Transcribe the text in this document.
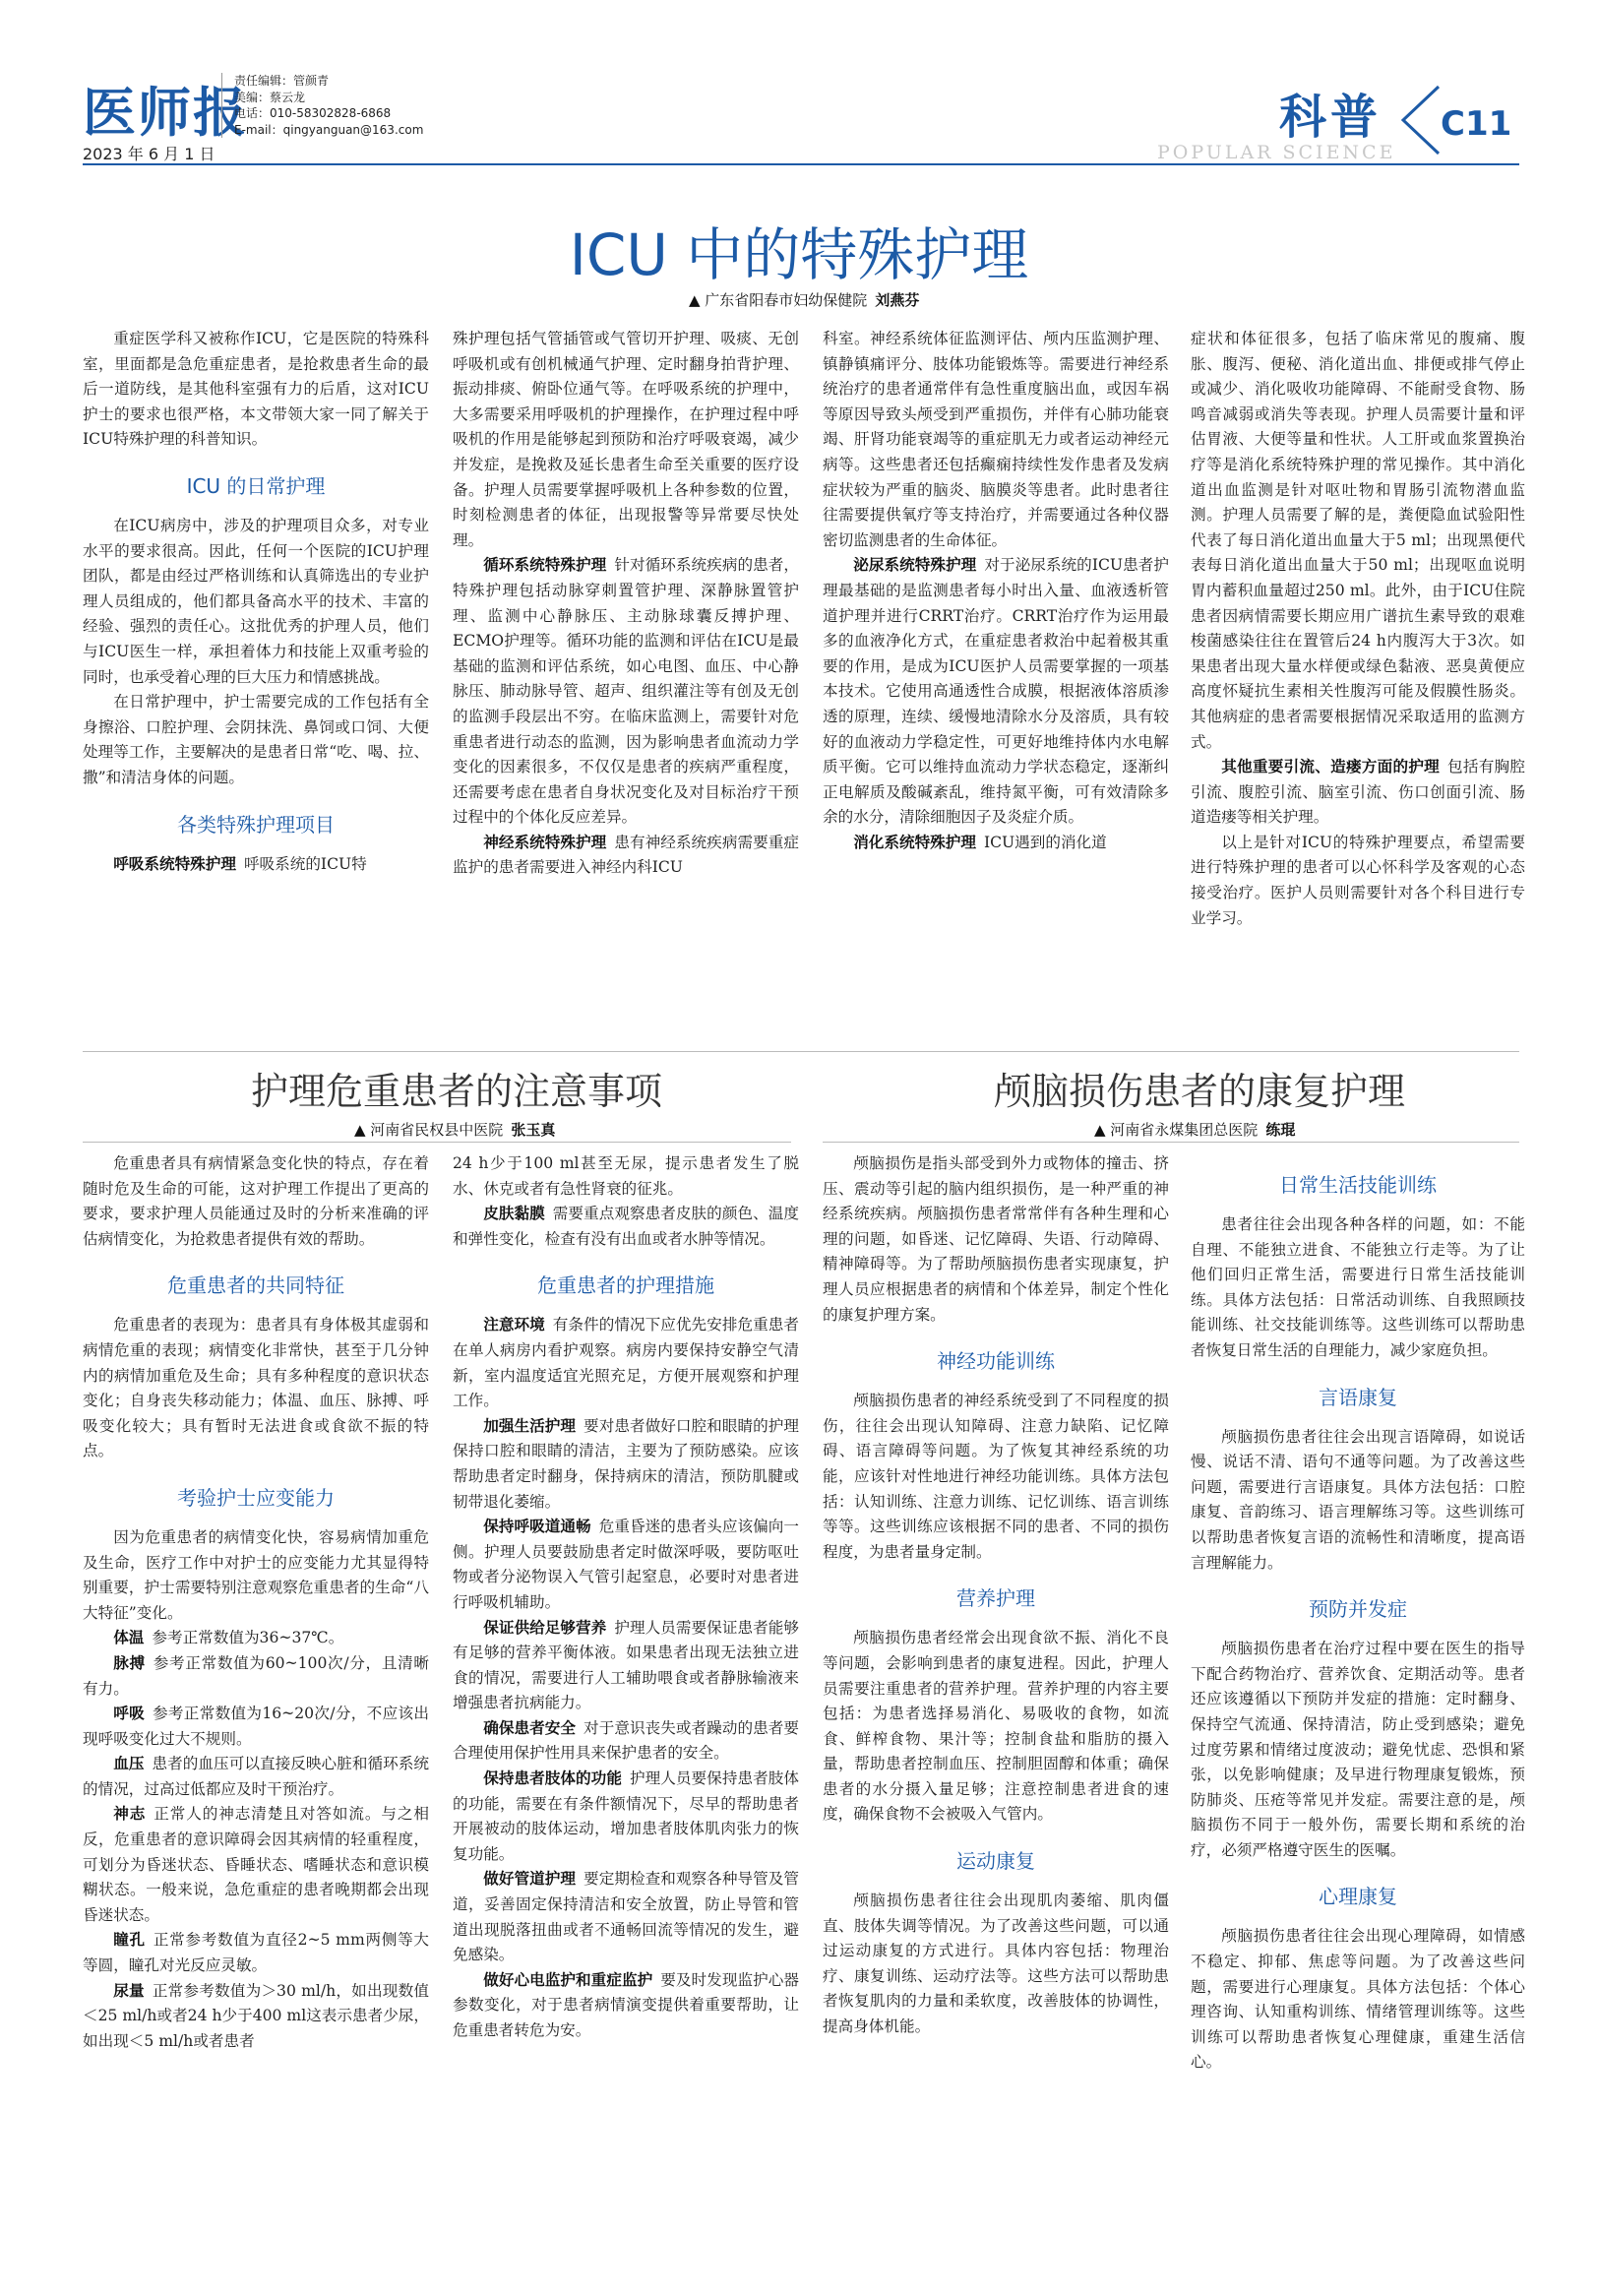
医师报
2023 年 6 月 1 日
责任编辑：管颜青
美编：蔡云龙
电话：010-58302828-6868
E-mail：qingyanguan@163.com	科普
POPULAR SCIENCE
C11
ICU 中的特殊护理
▲ 广东省阳春市妇幼保健院 刘燕芬

重症医学科又被称作ICU，它是医院的特殊科室，里面都是急危重症患者，是抢救患者生命的最后一道防线，是其他科室强有力的后盾，这对ICU护士的要求也很严格，本文带领大家一同了解关于ICU特殊护理的科普知识。

ICU 的日常护理

在ICU病房中，涉及的护理项目众多，对专业水平的要求很高。因此，任何一个医院的ICU护理团队，都是由经过严格训练和认真筛选出的专业护理人员组成的，他们都具备高水平的技术、丰富的经验、强烈的责任心。这批优秀的护理人员，他们与ICU医生一样，承担着体力和技能上双重考验的同时，也承受着心理的巨大压力和情感挑战。

在日常护理中，护士需要完成的工作包括有全身擦浴、口腔护理、会阴抹洗、鼻饲或口饲、大便处理等工作，主要解决的是患者日常“吃、喝、拉、撒”和清洁身体的问题。

各类特殊护理项目

呼吸系统特殊护理 呼吸系统的ICU特

殊护理包括气管插管或气管切开护理、吸痰、无创呼吸机或有创机械通气护理、定时翻身拍背护理、振动排痰、俯卧位通气等。在呼吸系统的护理中，大多需要采用呼吸机的护理操作，在护理过程中呼吸机的作用是能够起到预防和治疗呼吸衰竭，减少并发症，是挽救及延长患者生命至关重要的医疗设备。护理人员需要掌握呼吸机上各种参数的位置，时刻检测患者的体征，出现报警等异常要尽快处理。

循环系统特殊护理 针对循环系统疾病的患者，特殊护理包括动脉穿刺置管护理、深静脉置管护理、监测中心静脉压、主动脉球囊反搏护理、ECMO护理等。循环功能的监测和评估在ICU是最基础的监测和评估系统，如心电图、血压、中心静脉压、肺动脉导管、超声、组织灌注等有创及无创的监测手段层出不穷。在临床监测上，需要针对危重患者进行动态的监测，因为影响患者血流动力学变化的因素很多，不仅仅是患者的疾病严重程度，还需要考虑在患者自身状况变化及对目标治疗干预过程中的个体化反应差异。

神经系统特殊护理 患有神经系统疾病需要重症监护的患者需要进入神经内科ICU

科室。神经系统体征监测评估、颅内压监测护理、镇静镇痛评分、肢体功能锻炼等。需要进行神经系统治疗的患者通常伴有急性重度脑出血，或因车祸等原因导致头颅受到严重损伤，并伴有心肺功能衰竭、肝肾功能衰竭等的重症肌无力或者运动神经元病等。这些患者还包括癫痫持续性发作患者及发病症状较为严重的脑炎、脑膜炎等患者。此时患者往往需要提供氧疗等支持治疗，并需要通过各种仪器密切监测患者的生命体征。

泌尿系统特殊护理 对于泌尿系统的ICU患者护理最基础的是监测患者每小时出入量、血液透析管道护理并进行CRRT治疗。CRRT治疗作为运用最多的血液净化方式，在重症患者救治中起着极其重要的作用，是成为ICU医护人员需要掌握的一项基本技术。它使用高通透性合成膜，根据液体溶质渗透的原理，连续、缓慢地清除水分及溶质，具有较好的血液动力学稳定性，可更好地维持体内水电解质平衡。它可以维持血流动力学状态稳定，逐渐纠正电解质及酸碱紊乱，维持氮平衡，可有效清除多余的水分，清除细胞因子及炎症介质。

消化系统特殊护理 ICU遇到的消化道

症状和体征很多，包括了临床常见的腹痛、腹胀、腹泻、便秘、消化道出血、排便或排气停止或减少、消化吸收功能障碍、不能耐受食物、肠鸣音减弱或消失等表现。护理人员需要计量和评估胃液、大便等量和性状。人工肝或血浆置换治疗等是消化系统特殊护理的常见操作。其中消化道出血监测是针对呕吐物和胃肠引流物潜血监测。护理人员需要了解的是，粪便隐血试验阳性代表了每日消化道出血量大于5 ml；出现黑便代表每日消化道出血量大于50 ml；出现呕血说明胃内蓄积血量超过250 ml。此外，由于ICU住院患者因病情需要长期应用广谱抗生素导致的艰难梭菌感染往往在置管后24 h内腹泻大于3次。如果患者出现大量水样便或绿色黏液、恶臭黄便应高度怀疑抗生素相关性腹泻可能及假膜性肠炎。其他病症的患者需要根据情况采取适用的监测方式。

其他重要引流、造瘘方面的护理 包括有胸腔引流、腹腔引流、脑室引流、伤口创面引流、肠道造瘘等相关护理。

以上是针对ICU的特殊护理要点，希望需要进行特殊护理的患者可以心怀科学及客观的心态接受治疗。医护人员则需要针对各个科目进行专业学习。

护理危重患者的注意事项
▲ 河南省民权县中医院 张玉真

危重患者具有病情紧急变化快的特点，存在着随时危及生命的可能，这对护理工作提出了更高的要求，要求护理人员能通过及时的分析来准确的评估病情变化，为抢救患者提供有效的帮助。

危重患者的共同特征

危重患者的表现为：患者具有身体极其虚弱和病情危重的表现；病情变化非常快，甚至于几分钟内的病情加重危及生命；具有多种程度的意识状态变化；自身丧失移动能力；体温、血压、脉搏、呼吸变化较大；具有暂时无法进食或食欲不振的特点。

考验护士应变能力

因为危重患者的病情变化快，容易病情加重危及生命，医疗工作中对护士的应变能力尤其显得特别重要，护士需要特别注意观察危重患者的生命“八大特征”变化。

体温 参考正常数值为36~37℃。

脉搏 参考正常数值为60~100次/分，且清晰有力。

呼吸 参考正常数值为16~20次/分，不应该出现呼吸变化过大不规则。

血压 患者的血压可以直接反映心脏和循环系统的情况，过高过低都应及时干预治疗。

神志 正常人的神志清楚且对答如流。与之相反，危重患者的意识障碍会因其病情的轻重程度，可划分为昏迷状态、昏睡状态、嗜睡状态和意识模糊状态。一般来说，急危重症的患者晚期都会出现昏迷状态。

瞳孔 正常参考数值为直径2~5 mm两侧等大等圆，瞳孔对光反应灵敏。

尿量 正常参考数值为＞30 ml/h，如出现数值＜25 ml/h或者24 h少于400 ml这表示患者少尿，如出现＜5 ml/h或者患者

24 h少于100 ml甚至无尿，提示患者发生了脱水、休克或者有急性肾衰的征兆。

皮肤黏膜 需要重点观察患者皮肤的颜色、温度和弹性变化，检查有没有出血或者水肿等情况。

危重患者的护理措施

注意环境 有条件的情况下应优先安排危重患者在单人病房内看护观察。病房内要保持安静空气清新，室内温度适宜光照充足，方便开展观察和护理工作。

加强生活护理 要对患者做好口腔和眼睛的护理保持口腔和眼睛的清洁，主要为了预防感染。应该帮助患者定时翻身，保持病床的清洁，预防肌腱或韧带退化萎缩。

保持呼吸道通畅 危重昏迷的患者头应该偏向一侧。护理人员要鼓励患者定时做深呼吸，要防呕吐物或者分泌物误入气管引起窒息，必要时对患者进行呼吸机辅助。

保证供给足够营养 护理人员需要保证患者能够有足够的营养平衡体液。如果患者出现无法独立进食的情况，需要进行人工辅助喂食或者静脉输液来增强患者抗病能力。

确保患者安全 对于意识丧失或者躁动的患者要合理使用保护性用具来保护患者的安全。

保持患者肢体的功能 护理人员要保持患者肢体的功能，需要在有条件额情况下，尽早的帮助患者开展被动的肢体运动，增加患者肢体肌肉张力的恢复功能。

做好管道护理 要定期检查和观察各种导管及管道，妥善固定保持清洁和安全放置，防止导管和管道出现脱落扭曲或者不通畅回流等情况的发生，避免感染。

做好心电监护和重症监护 要及时发现监护心器参数变化，对于患者病情演变提供着重要帮助，让危重患者转危为安。

颅脑损伤患者的康复护理
▲ 河南省永煤集团总医院 练琨

颅脑损伤是指头部受到外力或物体的撞击、挤压、震动等引起的脑内组织损伤，是一种严重的神经系统疾病。颅脑损伤患者常常伴有各种生理和心理的问题，如昏迷、记忆障碍、失语、行动障碍、精神障碍等。为了帮助颅脑损伤患者实现康复，护理人员应根据患者的病情和个体差异，制定个性化的康复护理方案。

神经功能训练

颅脑损伤患者的神经系统受到了不同程度的损伤，往往会出现认知障碍、注意力缺陷、记忆障碍、语言障碍等问题。为了恢复其神经系统的功能，应该针对性地进行神经功能训练。具体方法包括：认知训练、注意力训练、记忆训练、语言训练等等。这些训练应该根据不同的患者、不同的损伤程度，为患者量身定制。

营养护理

颅脑损伤患者经常会出现食欲不振、消化不良等问题，会影响到患者的康复进程。因此，护理人员需要注重患者的营养护理。营养护理的内容主要包括：为患者选择易消化、易吸收的食物，如流食、鲜榨食物、果汁等；控制食盐和脂肪的摄入量，帮助患者控制血压、控制胆固醇和体重；确保患者的水分摄入量足够；注意控制患者进食的速度，确保食物不会被吸入气管内。

运动康复

颅脑损伤患者往往会出现肌肉萎缩、肌肉僵直、肢体失调等情况。为了改善这些问题，可以通过运动康复的方式进行。具体内容包括：物理治疗、康复训练、运动疗法等。这些方法可以帮助患者恢复肌肉的力量和柔软度，改善肢体的协调性，提高身体机能。

日常生活技能训练

患者往往会出现各种各样的问题，如：不能自理、不能独立进食、不能独立行走等。为了让他们回归正常生活，需要进行日常生活技能训练。具体方法包括：日常活动训练、自我照顾技能训练、社交技能训练等。这些训练可以帮助患者恢复日常生活的自理能力，减少家庭负担。

言语康复

颅脑损伤患者往往会出现言语障碍，如说话慢、说话不清、语句不通等问题。为了改善这些问题，需要进行言语康复。具体方法包括：口腔康复、音韵练习、语言理解练习等。这些训练可以帮助患者恢复言语的流畅性和清晰度，提高语言理解能力。

预防并发症

颅脑损伤患者在治疗过程中要在医生的指导下配合药物治疗、营养饮食、定期活动等。患者还应该遵循以下预防并发症的措施：定时翻身、保持空气流通、保持清洁，防止受到感染；避免过度劳累和情绪过度波动；避免忧虑、恐惧和紧张，以免影响健康；及早进行物理康复锻炼，预防肺炎、压疮等常见并发症。需要注意的是，颅脑损伤不同于一般外伤，需要长期和系统的治疗，必须严格遵守医生的医嘱。

心理康复

颅脑损伤患者往往会出现心理障碍，如情感不稳定、抑郁、焦虑等问题。为了改善这些问题，需要进行心理康复。具体方法包括：个体心理咨询、认知重构训练、情绪管理训练等。这些训练可以帮助患者恢复心理健康，重建生活信心。
